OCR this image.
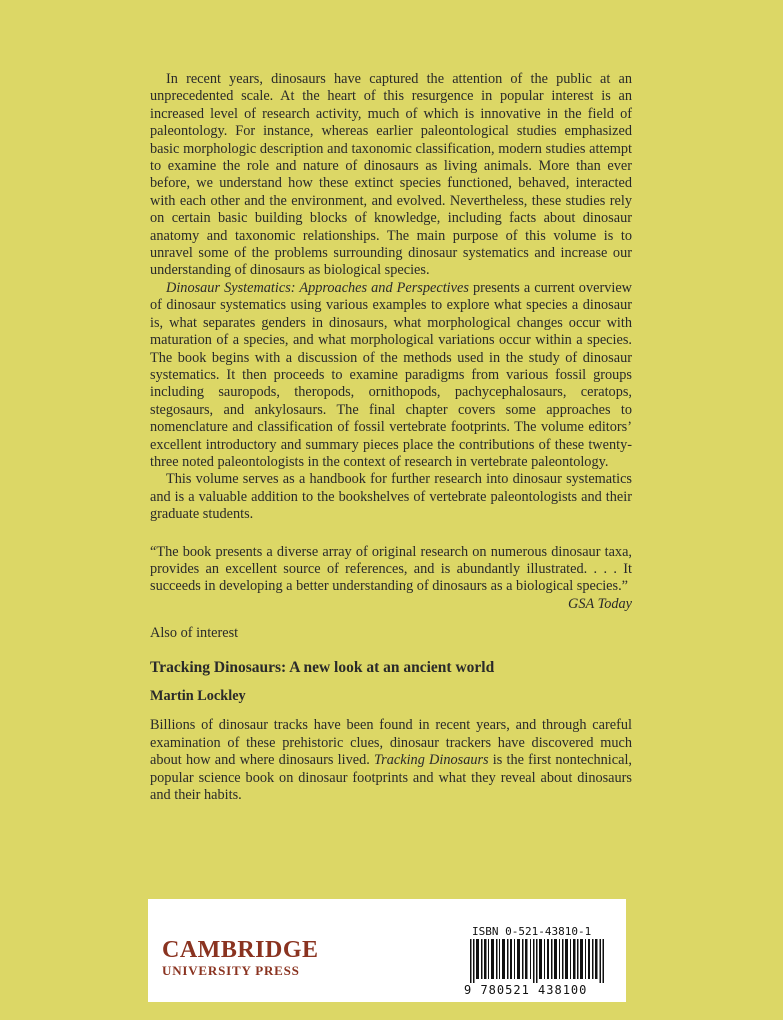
In recent years, dinosaurs have captured the attention of the public at an unprecedented scale. At the heart of this resurgence in popular interest is an increased level of research activity, much of which is innovative in the field of paleontology. For instance, whereas earlier paleontological studies emphasized basic morphologic description and taxonomic classification, modern studies attempt to examine the role and nature of dinosaurs as living animals. More than ever before, we understand how these extinct species functioned, behaved, interacted with each other and the environment, and evolved. Nevertheless, these studies rely on certain basic building blocks of knowledge, including facts about dinosaur anatomy and taxonomic relationships. The main purpose of this volume is to unravel some of the problems surrounding dinosaur systematics and increase our understanding of dinosaurs as biological species.

Dinosaur Systematics: Approaches and Perspectives presents a current overview of dinosaur systematics using various examples to explore what species a dinosaur is, what separates genders in dinosaurs, what morphological changes occur with maturation of a species, and what morphological variations occur within a species. The book begins with a discussion of the methods used in the study of dinosaur systematics. It then proceeds to examine paradigms from various fossil groups including sauropods, theropods, ornithopods, pachycephalosaurs, ceratops, stegosaurs, and ankylosaurs. The final chapter covers some approaches to nomenclature and classification of fossil vertebrate footprints. The volume editors’ excellent introductory and summary pieces place the contributions of these twenty-three noted paleontologists in the context of research in vertebrate paleontology.

This volume serves as a handbook for further research into dinosaur systematics and is a valuable addition to the bookshelves of vertebrate paleontologists and their graduate students.

“The book presents a diverse array of original research on numerous dinosaur taxa, provides an excellent source of references, and is abundantly illustrated. . . . It succeeds in developing a better understanding of dinosaurs as a biological species.”

GSA Today

Also of interest

Tracking Dinosaurs: A new look at an ancient world

Martin Lockley

Billions of dinosaur tracks have been found in recent years, and through careful examination of these prehistoric clues, dinosaur trackers have discovered much about how and where dinosaurs lived. Tracking Dinosaurs is the first nontechnical, popular science book on dinosaur footprints and what they reveal about dinosaurs and their habits.

CAMBRIDGE
UNIVERSITY PRESS
ISBN 0-521-43810-1
9 780521 438100
